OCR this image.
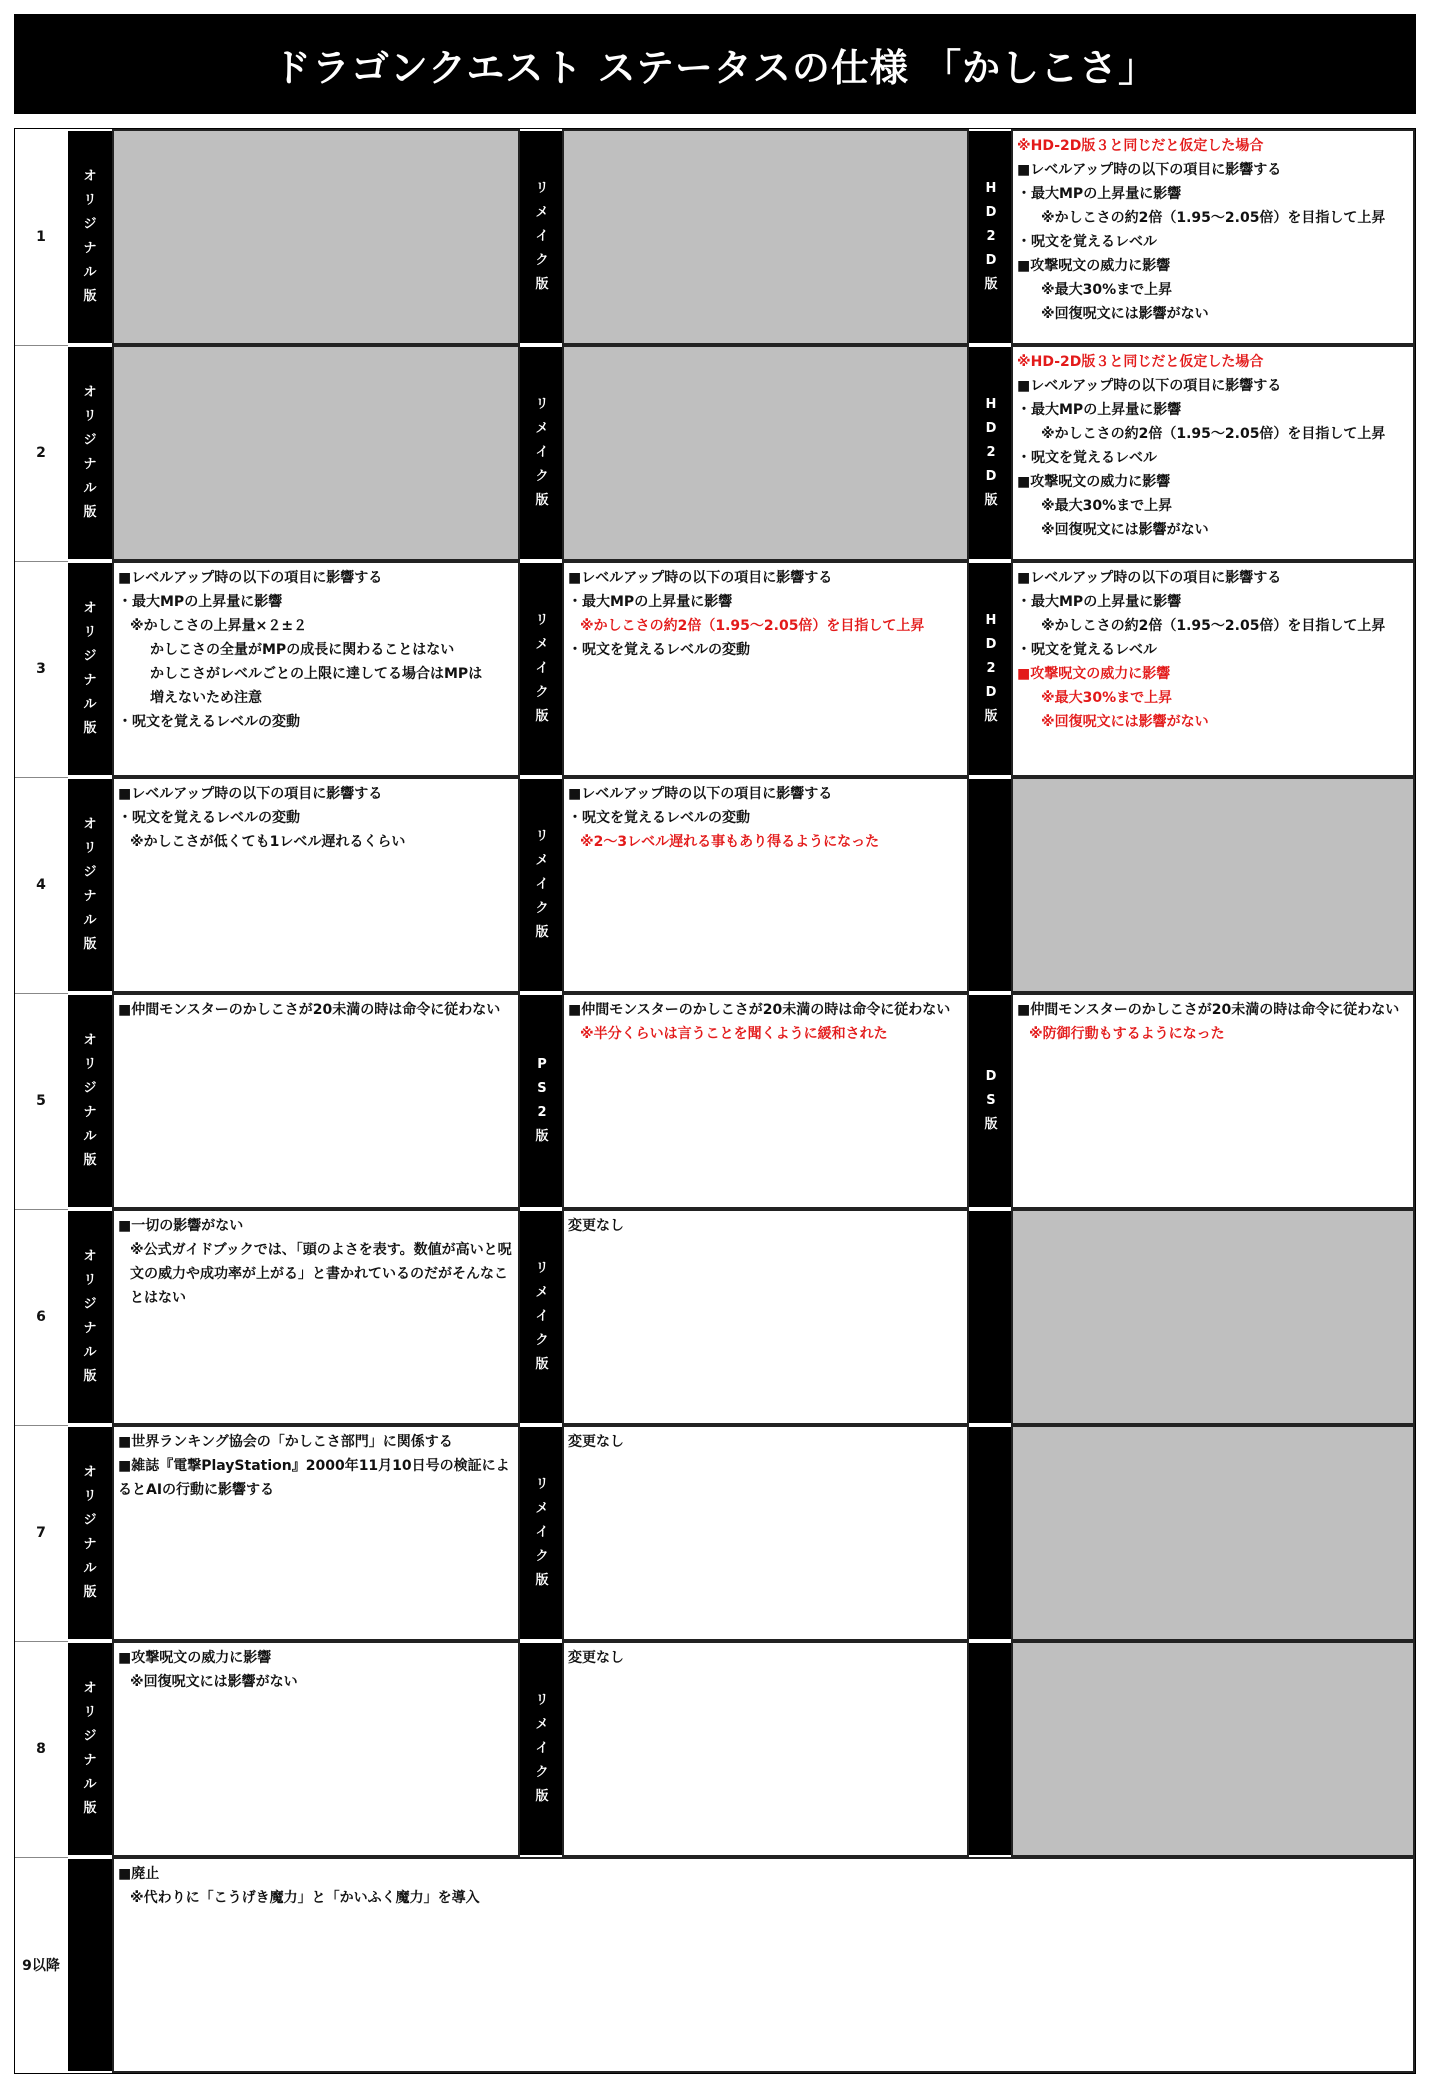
ドラゴンクエスト ステータスの仕様 「かしこさ」
1
オ
リ
ジ
ナ
ル
版
リ
メ
イ
ク
版
H
D
2
D
版
※HD-2D版３と同じだと仮定した場合
■レベルアップ時の以下の項目に影響する
・最大MPの上昇量に影響
※かしこさの約2倍（1.95～2.05倍）を目指して上昇
・呪文を覚えるレベル
■攻撃呪文の威力に影響
※最大30%まで上昇
※回復呪文には影響がない
2
オ
リ
ジ
ナ
ル
版
リ
メ
イ
ク
版
H
D
2
D
版
※HD-2D版３と同じだと仮定した場合
■レベルアップ時の以下の項目に影響する
・最大MPの上昇量に影響
※かしこさの約2倍（1.95～2.05倍）を目指して上昇
・呪文を覚えるレベル
■攻撃呪文の威力に影響
※最大30%まで上昇
※回復呪文には影響がない
3
オ
リ
ジ
ナ
ル
版
■レベルアップ時の以下の項目に影響する
・最大MPの上昇量に影響
※かしこさの上昇量×２±２
かしこさの全量がMPの成長に関わることはない
かしこさがレベルごとの上限に達してる場合はMPは
増えないため注意
・呪文を覚えるレベルの変動
リ
メ
イ
ク
版
■レベルアップ時の以下の項目に影響する
・最大MPの上昇量に影響
※かしこさの約2倍（1.95～2.05倍）を目指して上昇
・呪文を覚えるレベルの変動
H
D
2
D
版
■レベルアップ時の以下の項目に影響する
・最大MPの上昇量に影響
※かしこさの約2倍（1.95～2.05倍）を目指して上昇
・呪文を覚えるレベル
■攻撃呪文の威力に影響
※最大30%まで上昇
※回復呪文には影響がない
4
オ
リ
ジ
ナ
ル
版
■レベルアップ時の以下の項目に影響する
・呪文を覚えるレベルの変動
※かしこさが低くても1レベル遅れるくらい	リ
メ
イ
ク
版
■レベルアップ時の以下の項目に影響する
・呪文を覚えるレベルの変動
※2～3レベル遅れる事もあり得るようになった
5
オ
リ
ジ
ナ
ル
版
■仲間モンスターのかしこさが20未満の時は命令に従わない
P
S
2
版
■仲間モンスターのかしこさが20未満の時は命令に従わない
※半分くらいは言うことを聞くように緩和された
D
S
版
■仲間モンスターのかしこさが20未満の時は命令に従わない
※防御行動もするようになった
6
オ
リ
ジ
ナ
ル
版
■一切の影響がない
※公式ガイドブックでは、「頭のよさを表す。数値が高いと呪文の威力や成功率が上がる」と書かれているのだがそんなことはない
リ
メ
イ
ク
版
変更なし
7
オ
リ
ジ
ナ
ル
版
■世界ランキング協会の「かしこさ部門」に関係する
■雑誌『電撃PlayStation』2000年11月10日号の検証によるとAIの行動に影響する	リ
メ
イ
ク
版
変更なし
8
オ
リ
ジ
ナ
ル
版
■攻撃呪文の威力に影響
※回復呪文には影響がない
リ
メ
イ
ク
版
変更なし
9以降
■廃止
※代わりに「こうげき魔力」と「かいふく魔力」を導入
